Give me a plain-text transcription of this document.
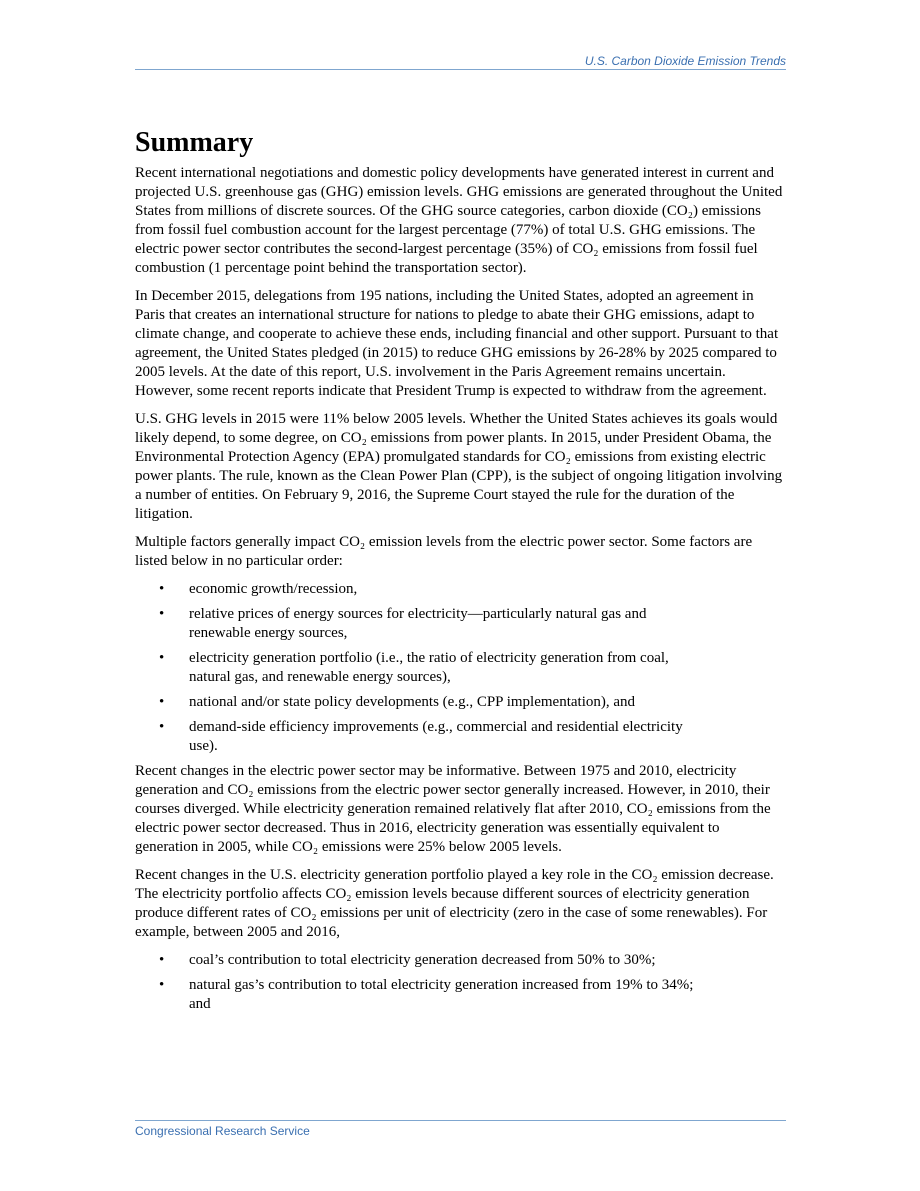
U.S. Carbon Dioxide Emission Trends
Summary

Recent international negotiations and domestic policy developments have generated interest in current and projected U.S. greenhouse gas (GHG) emission levels. GHG emissions are generated throughout the United States from millions of discrete sources. Of the GHG source categories, carbon dioxide (CO₂) emissions from fossil fuel combustion account for the largest percentage (77%) of total U.S. GHG emissions. The electric power sector contributes the second-largest percentage (35%) of CO₂ emissions from fossil fuel combustion (1 percentage point behind the transportation sector).

In December 2015, delegations from 195 nations, including the United States, adopted an agreement in Paris that creates an international structure for nations to pledge to abate their GHG emissions, adapt to climate change, and cooperate to achieve these ends, including financial and other support. Pursuant to that agreement, the United States pledged (in 2015) to reduce GHG emissions by 26-28% by 2025 compared to 2005 levels. At the date of this report, U.S. involvement in the Paris Agreement remains uncertain. However, some recent reports indicate that President Trump is expected to withdraw from the agreement.

U.S. GHG levels in 2015 were 11% below 2005 levels. Whether the United States achieves its goals would likely depend, to some degree, on CO₂ emissions from power plants. In 2015, under President Obama, the Environmental Protection Agency (EPA) promulgated standards for CO₂ emissions from existing electric power plants. The rule, known as the Clean Power Plan (CPP), is the subject of ongoing litigation involving a number of entities. On February 9, 2016, the Supreme Court stayed the rule for the duration of the litigation.

Multiple factors generally impact CO₂ emission levels from the electric power sector. Some factors are listed below in no particular order:

• economic growth/recession,
• relative prices of energy sources for electricity—particularly natural gas and renewable energy sources,
• electricity generation portfolio (i.e., the ratio of electricity generation from coal, natural gas, and renewable energy sources),
• national and/or state policy developments (e.g., CPP implementation), and
• demand-side efficiency improvements (e.g., commercial and residential electricity use).

Recent changes in the electric power sector may be informative. Between 1975 and 2010, electricity generation and CO₂ emissions from the electric power sector generally increased. However, in 2010, their courses diverged. While electricity generation remained relatively flat after 2010, CO₂ emissions from the electric power sector decreased. Thus in 2016, electricity generation was essentially equivalent to generation in 2005, while CO₂ emissions were 25% below 2005 levels.

Recent changes in the U.S. electricity generation portfolio played a key role in the CO₂ emission decrease. The electricity portfolio affects CO₂ emission levels because different sources of electricity generation produce different rates of CO₂ emissions per unit of electricity (zero in the case of some renewables). For example, between 2005 and 2016,

• coal’s contribution to total electricity generation decreased from 50% to 30%;
• natural gas’s contribution to total electricity generation increased from 19% to 34%; and
Congressional Research Service
